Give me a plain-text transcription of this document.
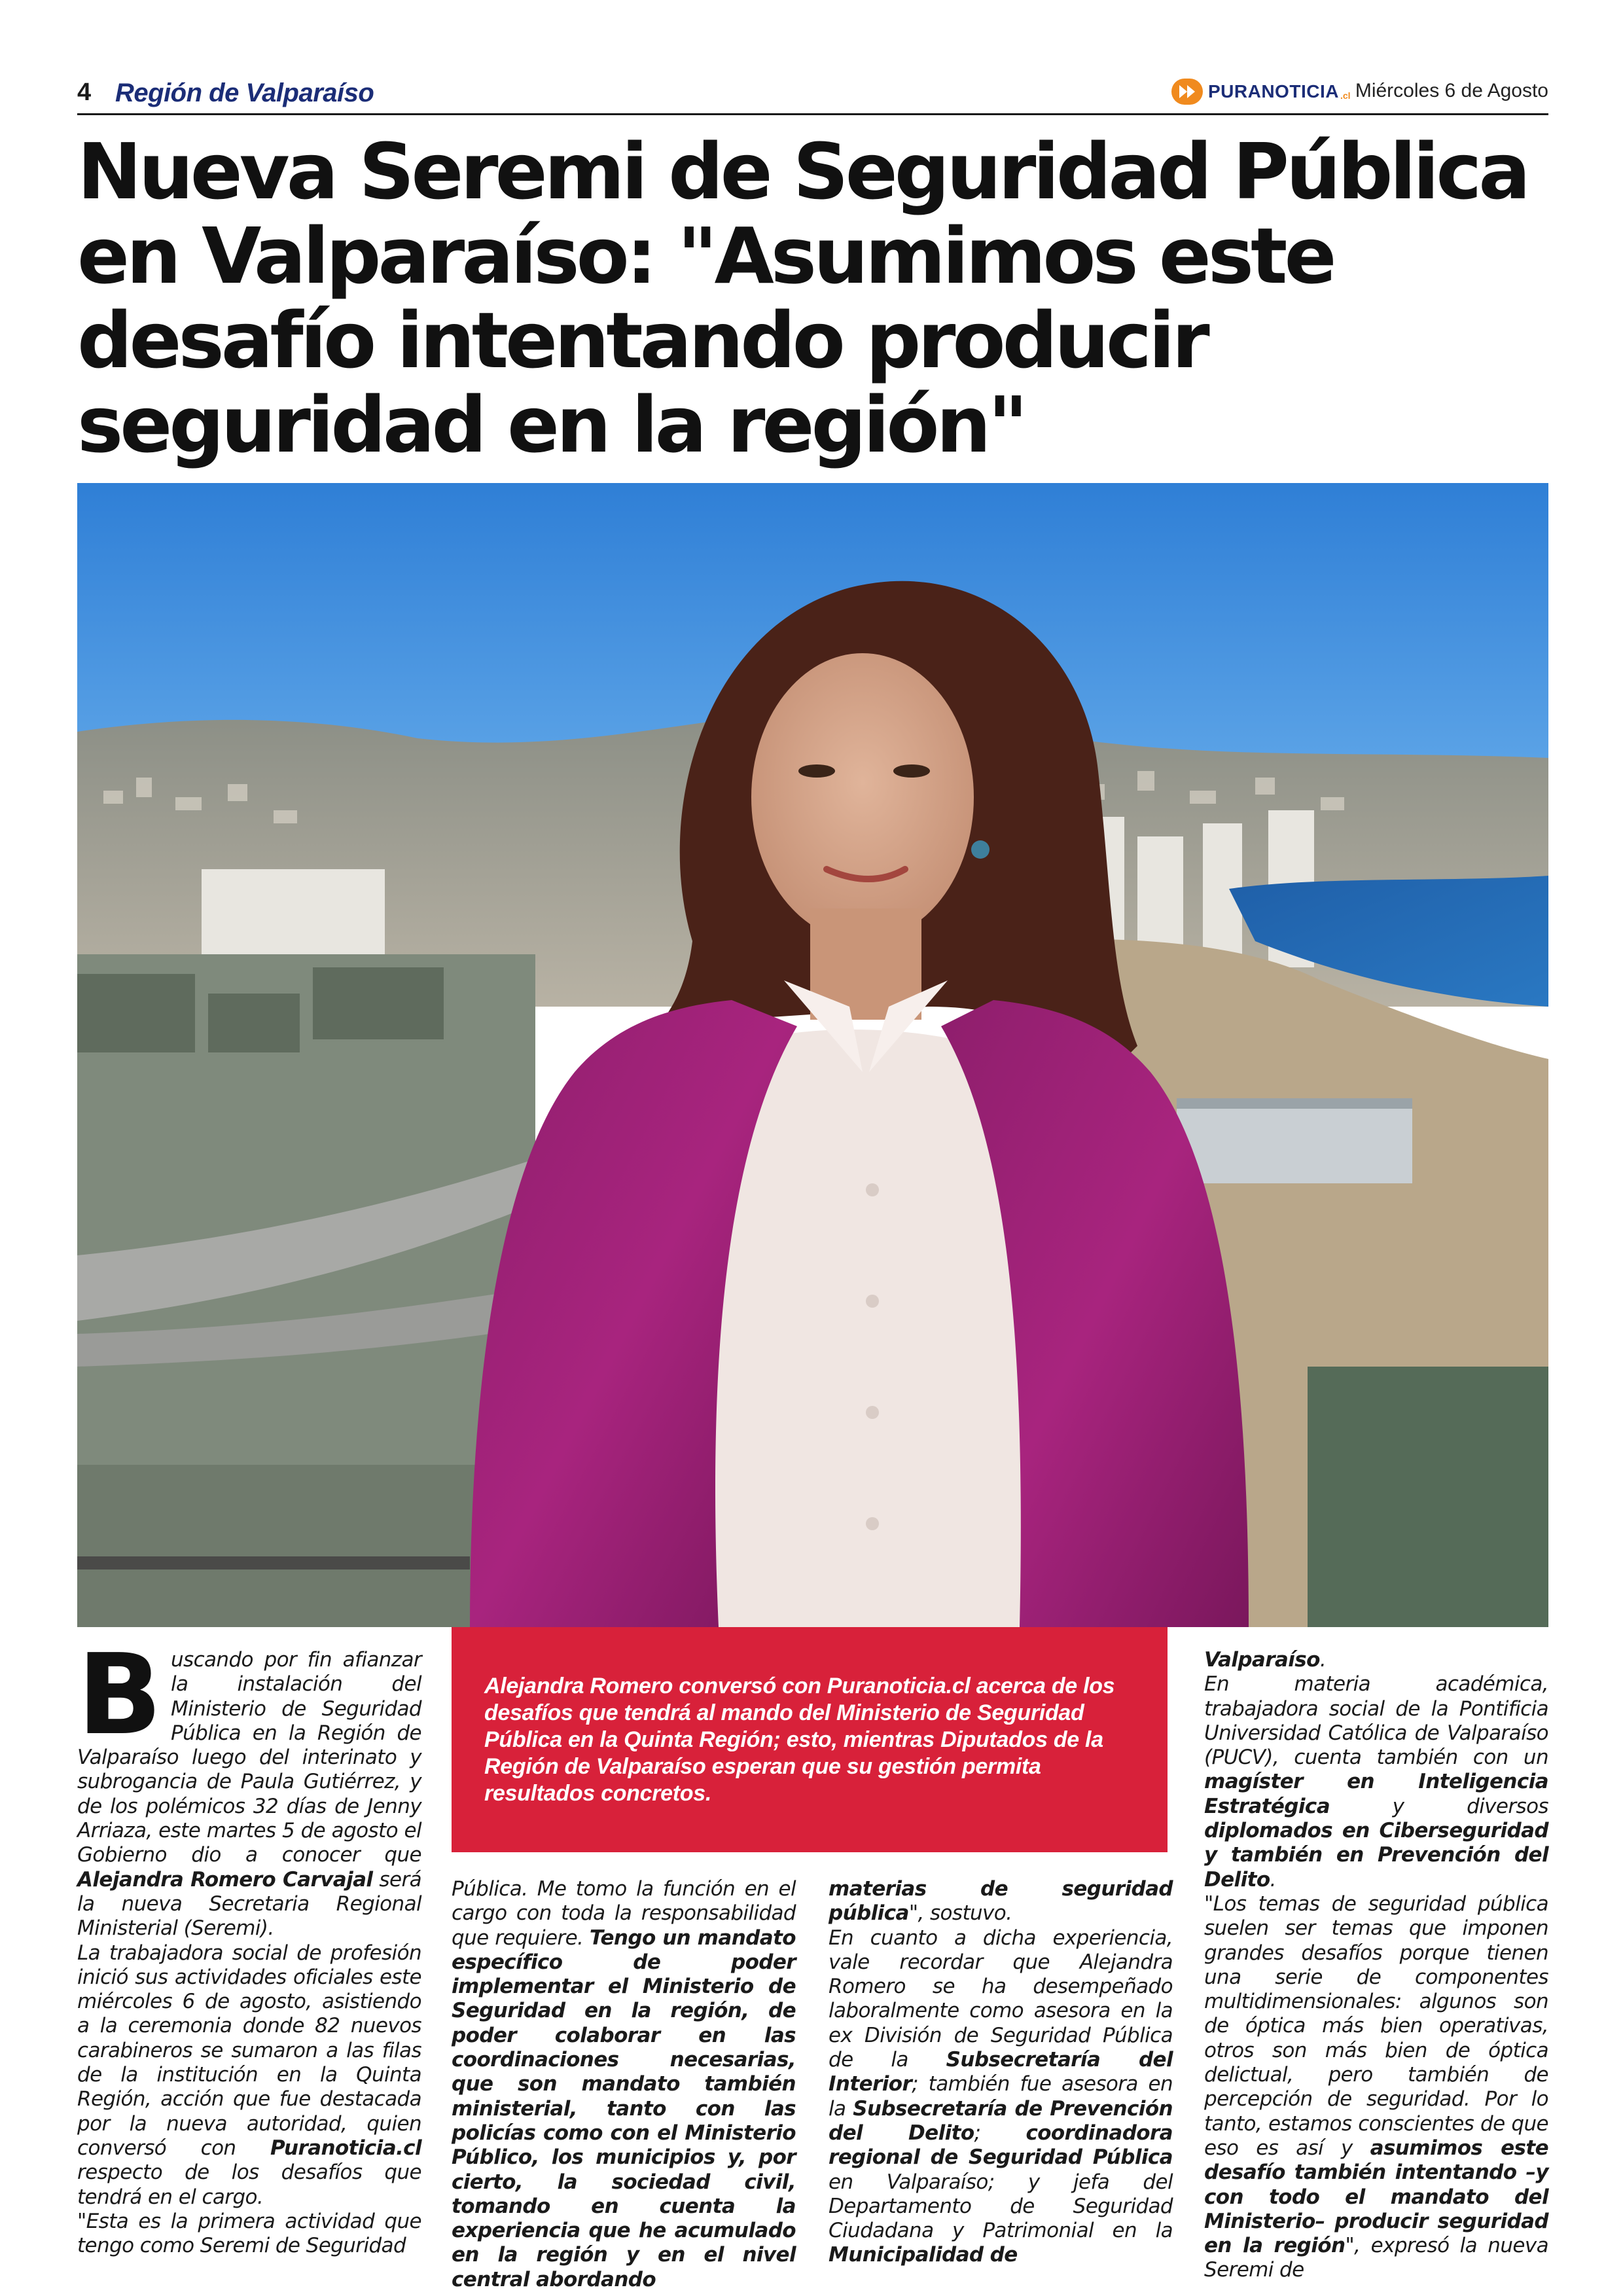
4 Región de Valparaíso	PURANOTICIA .cl Miércoles 6 de Agosto
Nueva Seremi de Seguridad Pública en Valparaíso: "Asumimos este desafío intentando producir seguridad en la región"

Alejandra Romero conversó con Puranoticia.cl acerca de los desafíos que tendrá al mando del Ministerio de Seguridad Pública en la Quinta Región; esto, mientras Diputados de la Región de Valparaíso esperan que su gestión permita resultados concretos.

B uscando por fin afianzar la instalación del Ministerio de Seguridad Pública en la Región de Valparaíso luego del interinato y subrogancia de Paula Gutiérrez, y de los polémicos 32 días de Jenny Arriaza, este martes 5 de agosto el Gobierno dio a conocer que Alejandra Romero Carvajal será la nueva Secretaria Regional Ministerial (Seremi).

La trabajadora social de profesión inició sus actividades oficiales este miércoles 6 de agosto, asistiendo a la ceremonia donde 82 nuevos carabineros se sumaron a las filas de la institución en la Quinta Región, acción que fue destacada por la nueva autoridad, quien conversó con Puranoticia.cl respecto de los desafíos que tendrá en el cargo.

"Esta es la primera actividad que tengo como Seremi de Seguridad

Pública. Me tomo la función en el cargo con toda la responsabilidad que requiere. Tengo un mandato específico de poder implementar el Ministerio de Seguridad en la región, de poder colaborar en las coordinaciones necesarias, que son mandato también ministerial, tanto con las policías como con el Ministerio Público, los municipios y, por cierto, la sociedad civil, tomando en cuenta la experiencia que he acumulado en la región y en el nivel central abordando

materias de seguridad pública", sostuvo.

En cuanto a dicha experiencia, vale recordar que Alejandra Romero se ha desempeñado laboralmente como asesora en la ex División de Seguridad Pública de la Subsecretaría del Interior; también fue asesora en la Subsecretaría de Prevención del Delito; coordinadora regional de Seguridad Pública en Valparaíso; y jefa del Departamento de Seguridad Ciudadana y Patrimonial en la Municipalidad de

Valparaíso.

En materia académica, trabajadora social de la Pontificia Universidad Católica de Valparaíso (PUCV), cuenta también con un magíster en Inteligencia Estratégica y diversos diplomados en Ciberseguridad y también en Prevención del Delito.

"Los temas de seguridad pública suelen ser temas que imponen grandes desafíos porque tienen una serie de componentes multidimensionales: algunos son de óptica más bien operativas, otros son más bien de óptica delictual, pero también de percepción de seguridad. Por lo tanto, estamos conscientes de que eso es así y asumimos este desafío también intentando –y con todo el mandato del Ministerio– producir seguridad en la región", expresó la nueva Seremi de
